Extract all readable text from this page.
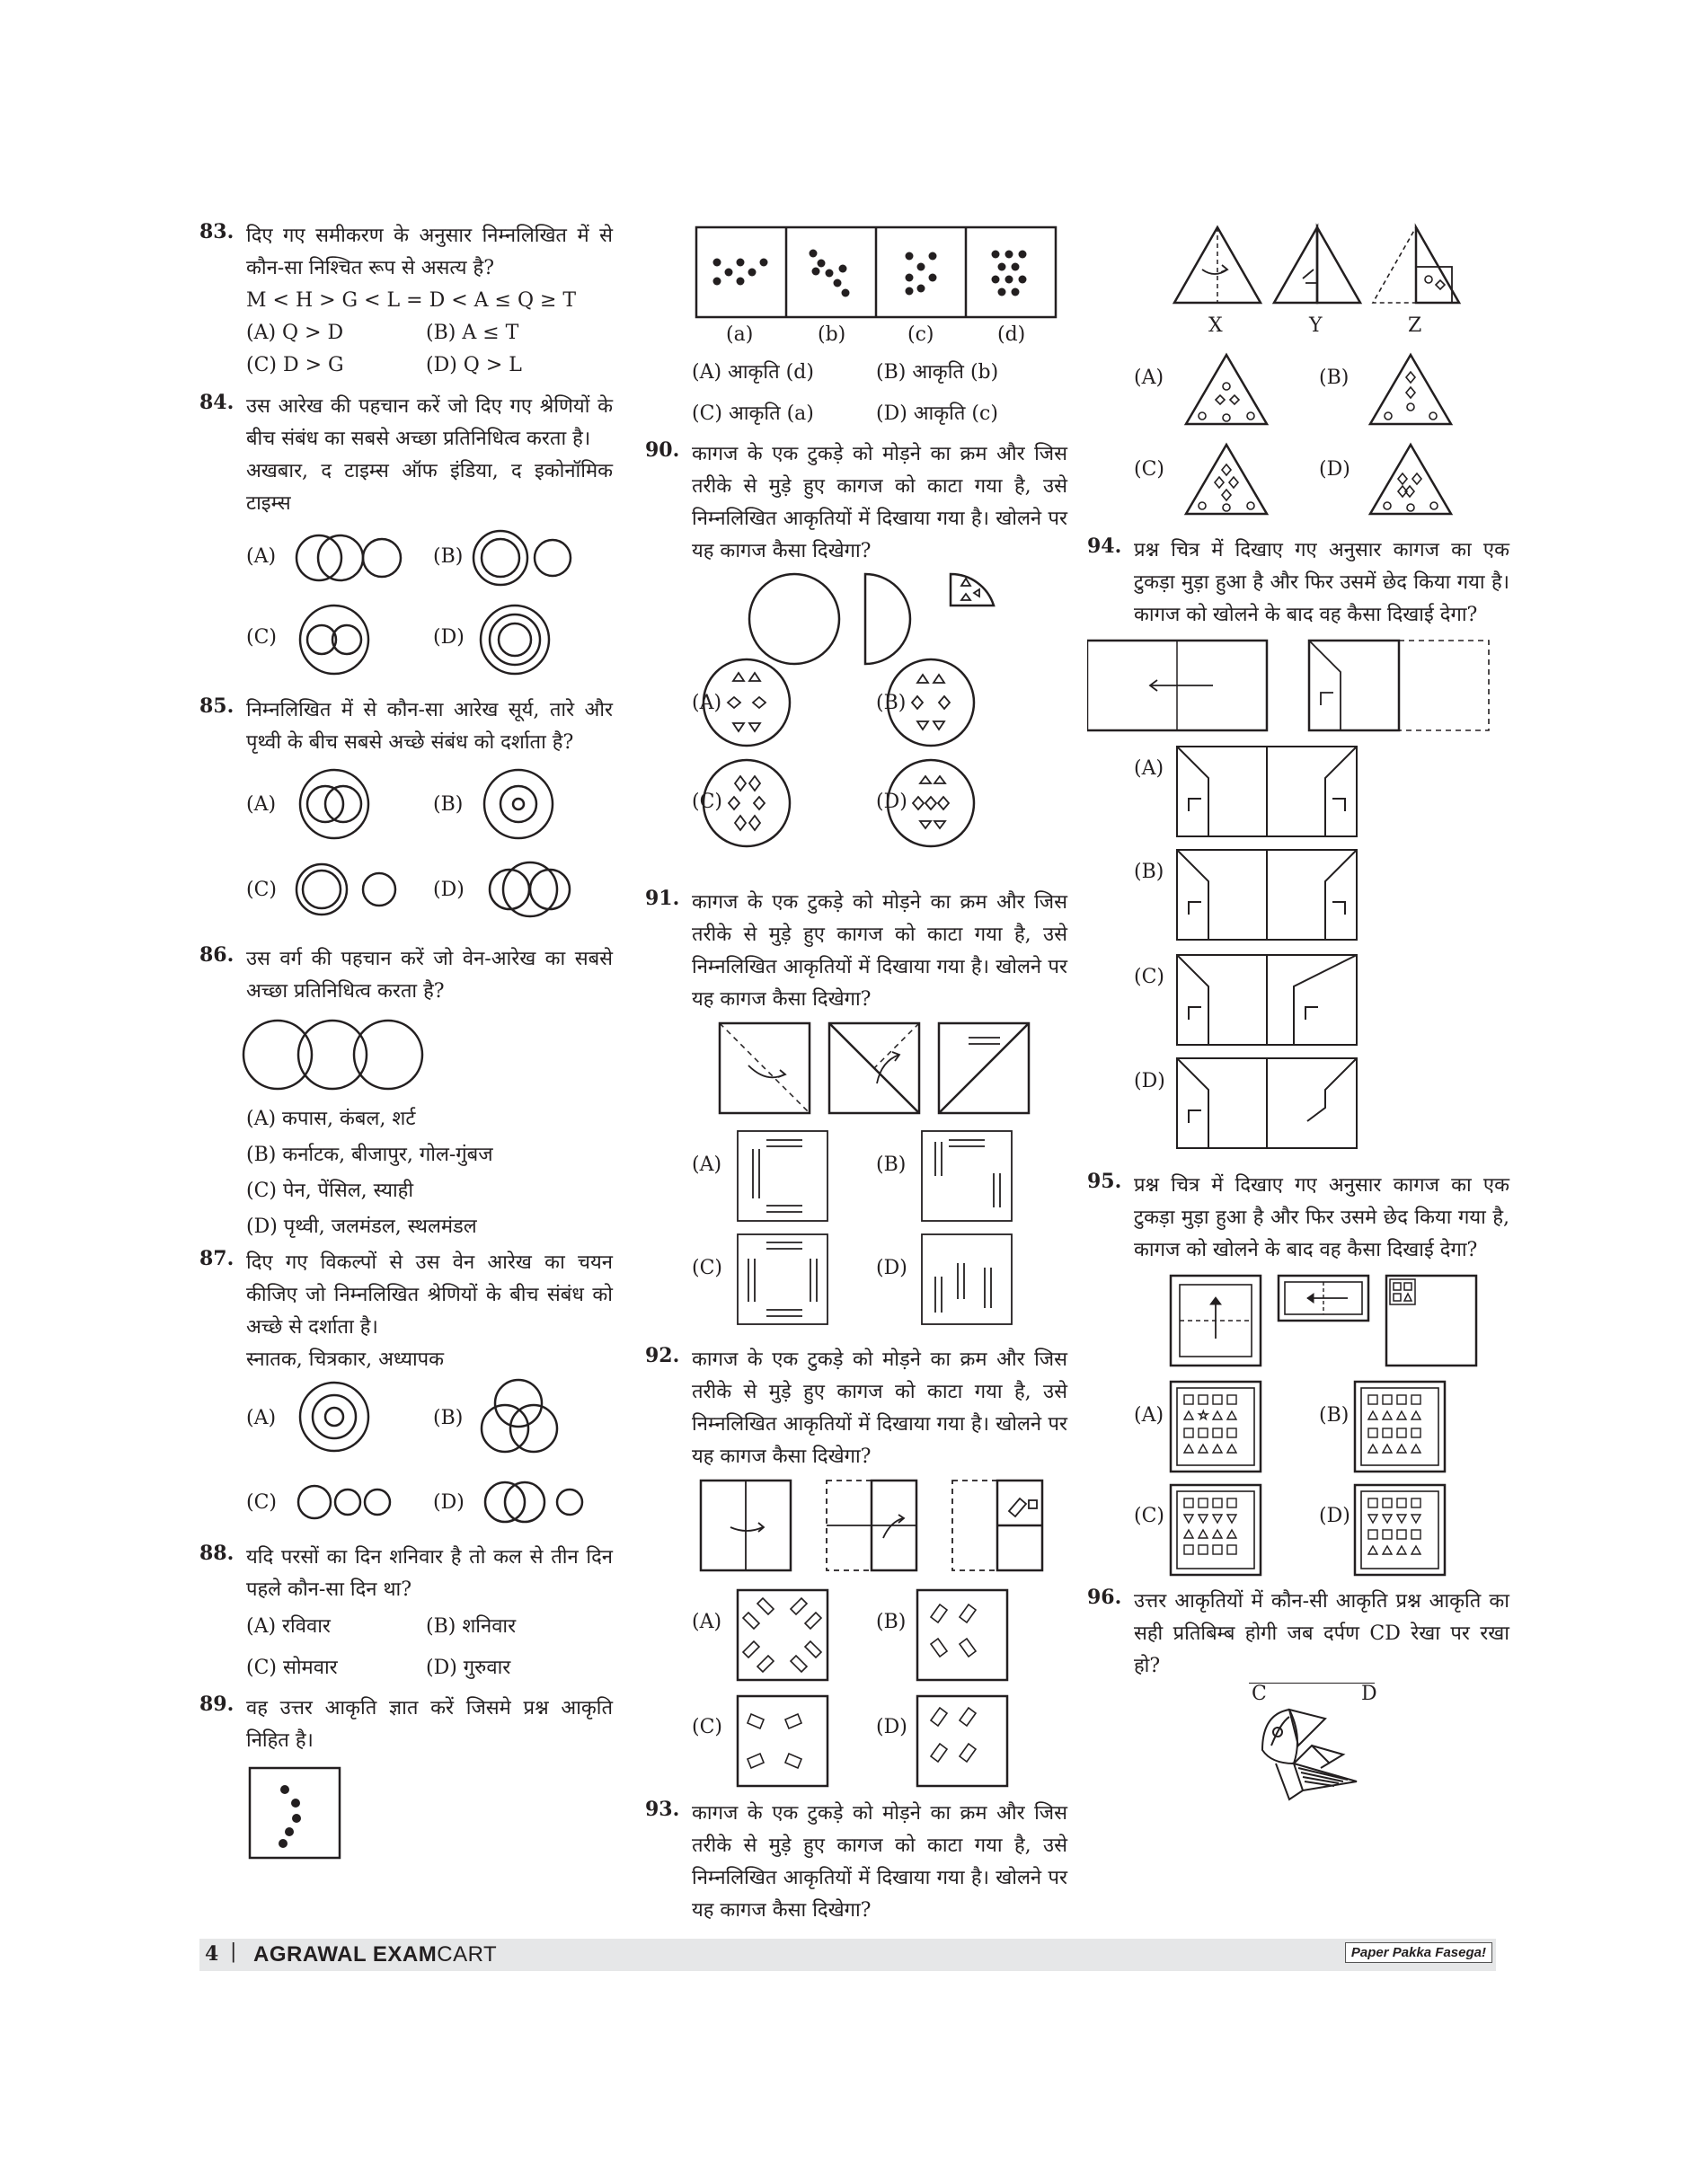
83. दिए गए समीकरण के अनुसार निम्नलिखित में से कौन-सा निश्चित रूप से असत्य है?
M < H > G < L = D < A ≤ Q ≥ T
(A) Q > D	(B) A ≤ T
(C) D > G	(D) Q > L
84. उस आरेख की पहचान करें जो दिए गए श्रेणियों के बीच संबंध का सबसे अच्छा प्रतिनिधित्व करता है।
अखबार, द टाइम्स ऑफ इंडिया, द इकोनॉमिक टाइम्स
(A)	(B)
(C)	(D)
85. निम्नलिखित में से कौन-सा आरेख सूर्य, तारे और पृथ्वी के बीच सबसे अच्छे संबंध को दर्शाता है?
(A)	(B)
(C)	(D)
86. उस वर्ग की पहचान करें जो वेन-आरेख का सबसे अच्छा प्रतिनिधित्व करता है?
(A) कपास, कंबल, शर्ट
(B) कर्नाटक, बीजापुर, गोल-गुंबज
(C) पेन, पेंसिल, स्याही
(D) पृथ्वी, जलमंडल, स्थलमंडल
87. दिए गए विकल्पों से उस वेन आरेख का चयन कीजिए जो निम्नलिखित श्रेणियों के बीच संबंध को अच्छे से दर्शाता है।
स्नातक, चित्रकार, अध्यापक
(A)	(B)
(C)	(D)
88. यदि परसों का दिन शनिवार है तो कल से तीन दिन पहले कौन-सा दिन था?
(A) रविवार	(B) शनिवार
(C) सोमवार	(D) गुरुवार
89. वह उत्तर आकृति ज्ञात करें जिसमे प्रश्न आकृति निहित है।
(a)	(b)	(c)	(d)
(A) आकृति (d)	(B) आकृति (b)
(C) आकृति (a)	(D) आकृति (c)
90. कागज के एक टुकड़े को मोड़ने का क्रम और जिस तरीके से मुड़े हुए कागज को काटा गया है, उसे निम्नलिखित आकृतियों में दिखाया गया है। खोलने पर यह कागज कैसा दिखेगा?
(A)	(B)
(C)	(D)
91. कागज के एक टुकड़े को मोड़ने का क्रम और जिस तरीके से मुड़े हुए कागज को काटा गया है, उसे निम्नलिखित आकृतियों में दिखाया गया है। खोलने पर यह कागज कैसा दिखेगा?
(A)	(B)
(C)	(D)
92. कागज के एक टुकड़े को मोड़ने का क्रम और जिस तरीके से मुड़े हुए कागज को काटा गया है, उसे निम्नलिखित आकृतियों में दिखाया गया है। खोलने पर यह कागज कैसा दिखेगा?
(A)	(B)
(C)	(D)
93. कागज के एक टुकड़े को मोड़ने का क्रम और जिस तरीके से मुड़े हुए कागज को काटा गया है, उसे निम्नलिखित आकृतियों में दिखाया गया है। खोलने पर यह कागज कैसा दिखेगा?
X	Y	Z
(A)	(B)
(C)	(D)
94. प्रश्न चित्र में दिखाए गए अनुसार कागज का एक टुकड़ा मुड़ा हुआ है और फिर उसमें छेद किया गया है। कागज को खोलने के बाद वह कैसा दिखाई देगा?
(A)
(B)
(C)
(D)
95. प्रश्न चित्र में दिखाए गए अनुसार कागज का एक टुकड़ा मुड़ा हुआ है और फिर उसमे छेद किया गया है, कागज को खोलने के बाद वह कैसा दिखाई देगा?
(A)	(B)
(C)	(D)
☆
96. उत्तर आकृतियों में कौन-सी आकृति प्रश्न आकृति का सही प्रतिबिम्ब होगी जब दर्पण CD रेखा पर रखा हो?
C	D
4 | AGRAWAL EXAMCART	Paper Pakka Fasega!
